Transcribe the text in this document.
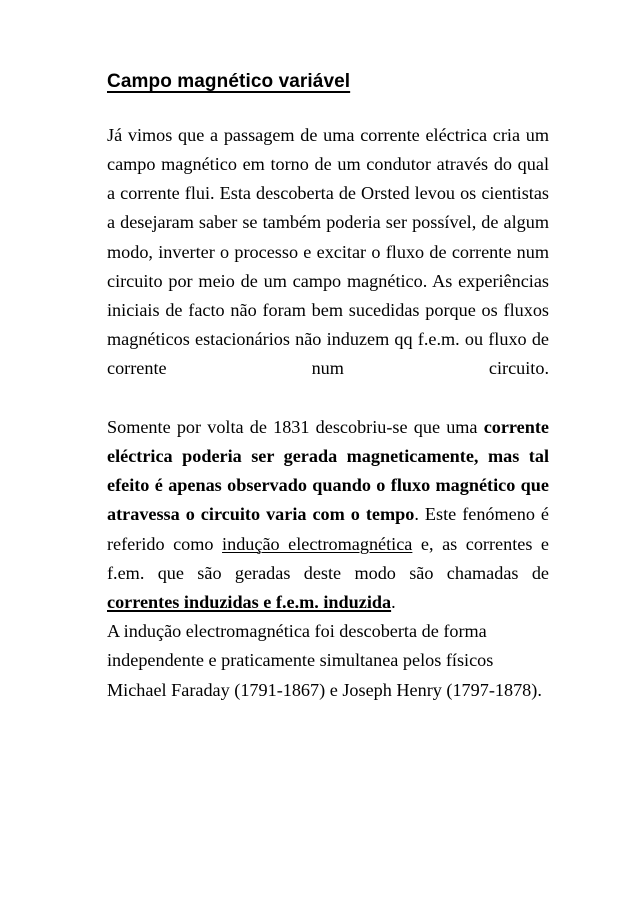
Campo magnético variável

Já vimos que a passagem de uma corrente eléctrica cria um campo magnético em torno de um condutor através do qual a corrente flui. Esta descoberta de Orsted levou os cientistas a desejaram saber se também poderia ser possível, de algum modo, inverter o processo e excitar o fluxo de corrente num circuito por meio de um campo magnético. As experiências iniciais de facto não foram bem sucedidas porque os fluxos magnéticos estacionários não induzem qq f.e.m. ou fluxo de corrente num circuito.

Somente por volta de 1831 descobriu-se que uma corrente eléctrica poderia ser gerada magneticamente, mas tal efeito é apenas observado quando o fluxo magnético que atravessa o circuito varia com o tempo. Este fenómeno é referido como indução electromagnética e, as correntes e f.em. que são geradas deste modo são chamadas de correntes induzidas e f.e.m. induzida.

A indução electromagnética foi descoberta de forma independente e praticamente simultanea pelos físicos Michael Faraday (1791-1867) e Joseph Henry (1797-1878).
